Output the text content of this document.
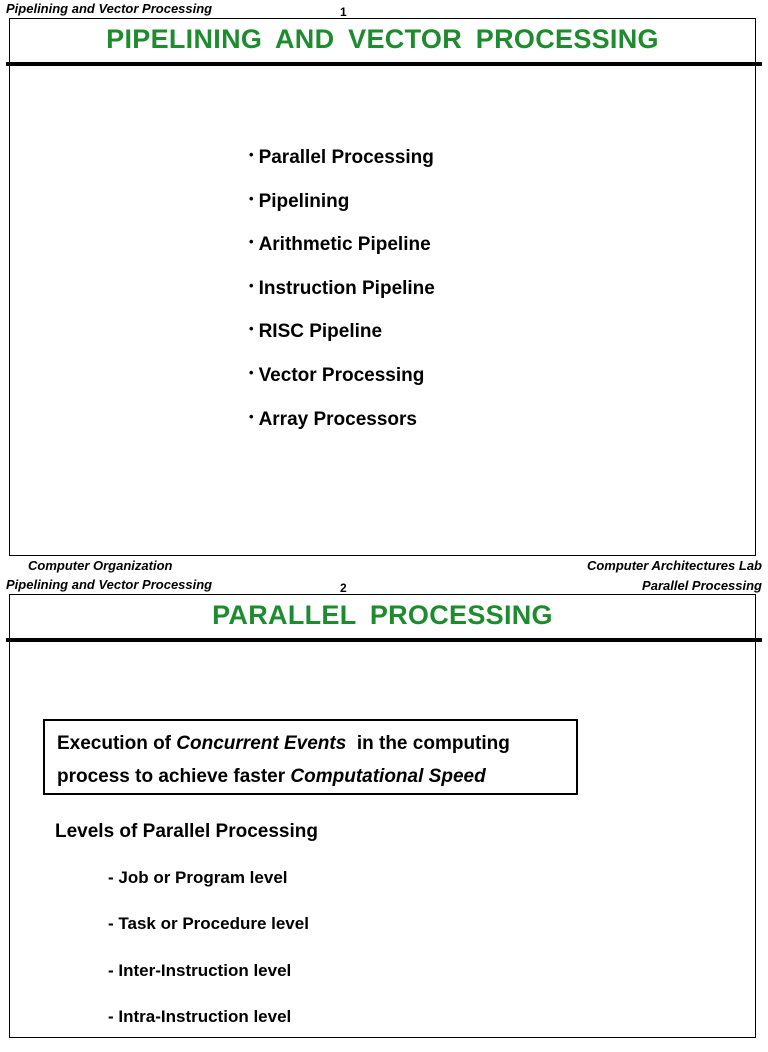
Pipelining and Vector Processing	1
PIPELINING AND VECTOR PROCESSING
• Parallel Processing
• Pipelining
• Arithmetic Pipeline
• Instruction Pipeline
• RISC Pipeline
• Vector Processing
• Array Processors
Computer Organization	Computer Architectures Lab
Pipelining and Vector Processing	2	Parallel Processing
PARALLEL PROCESSING
Execution of Concurrent Events  in the computing
process to achieve faster Computational Speed
Levels of Parallel Processing
- Job or Program level
- Task or Procedure level
- Inter-Instruction level
- Intra-Instruction level
